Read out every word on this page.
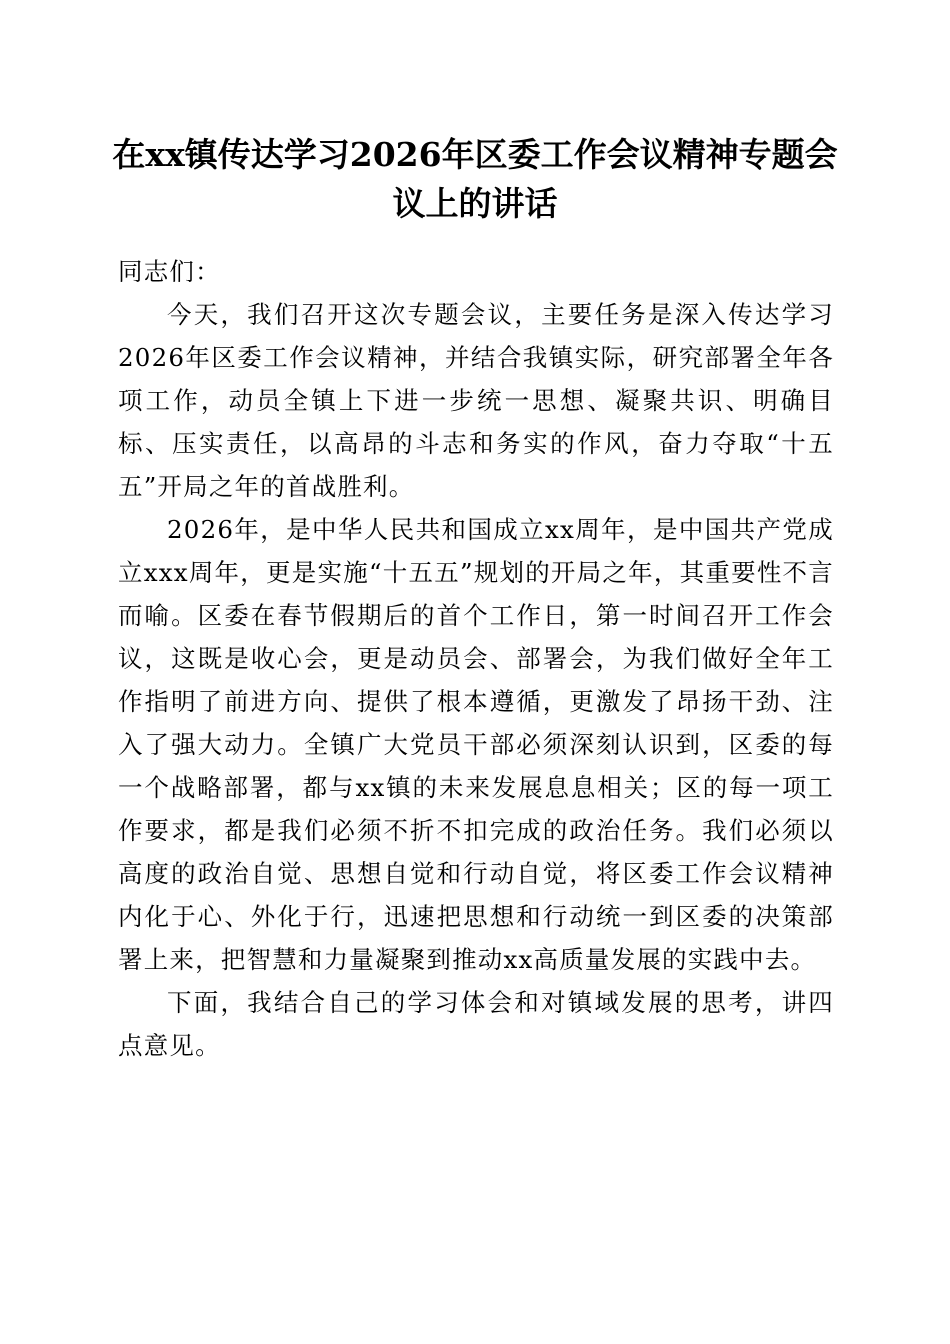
在xx镇传达学习2026年区委工作会议精神专题会议上的讲话

同志们：

今天，我们召开这次专题会议，主要任务是深入传达学习2026年区委工作会议精神，并结合我镇实际，研究部署全年各项工作，动员全镇上下进一步统一思想、凝聚共识、明确目标、压实责任，以高昂的斗志和务实的作风，奋力夺取“十五五”开局之年的首战胜利。

2026年，是中华人民共和国成立xx周年，是中国共产党成立xxx周年，更是实施“十五五”规划的开局之年，其重要性不言而喻。区委在春节假期后的首个工作日，第一时间召开工作会议，这既是收心会，更是动员会、部署会，为我们做好全年工作指明了前进方向、提供了根本遵循，更激发了昂扬干劲、注入了强大动力。全镇广大党员干部必须深刻认识到，区委的每一个战略部署，都与xx镇的未来发展息息相关；区的每一项工作要求，都是我们必须不折不扣完成的政治任务。我们必须以高度的政治自觉、思想自觉和行动自觉，将区委工作会议精神内化于心、外化于行，迅速把思想和行动统一到区委的决策部署上来，把智慧和力量凝聚到推动xx高质量发展的实践中去。

下面，我结合自己的学习体会和对镇域发展的思考，讲四点意见。
